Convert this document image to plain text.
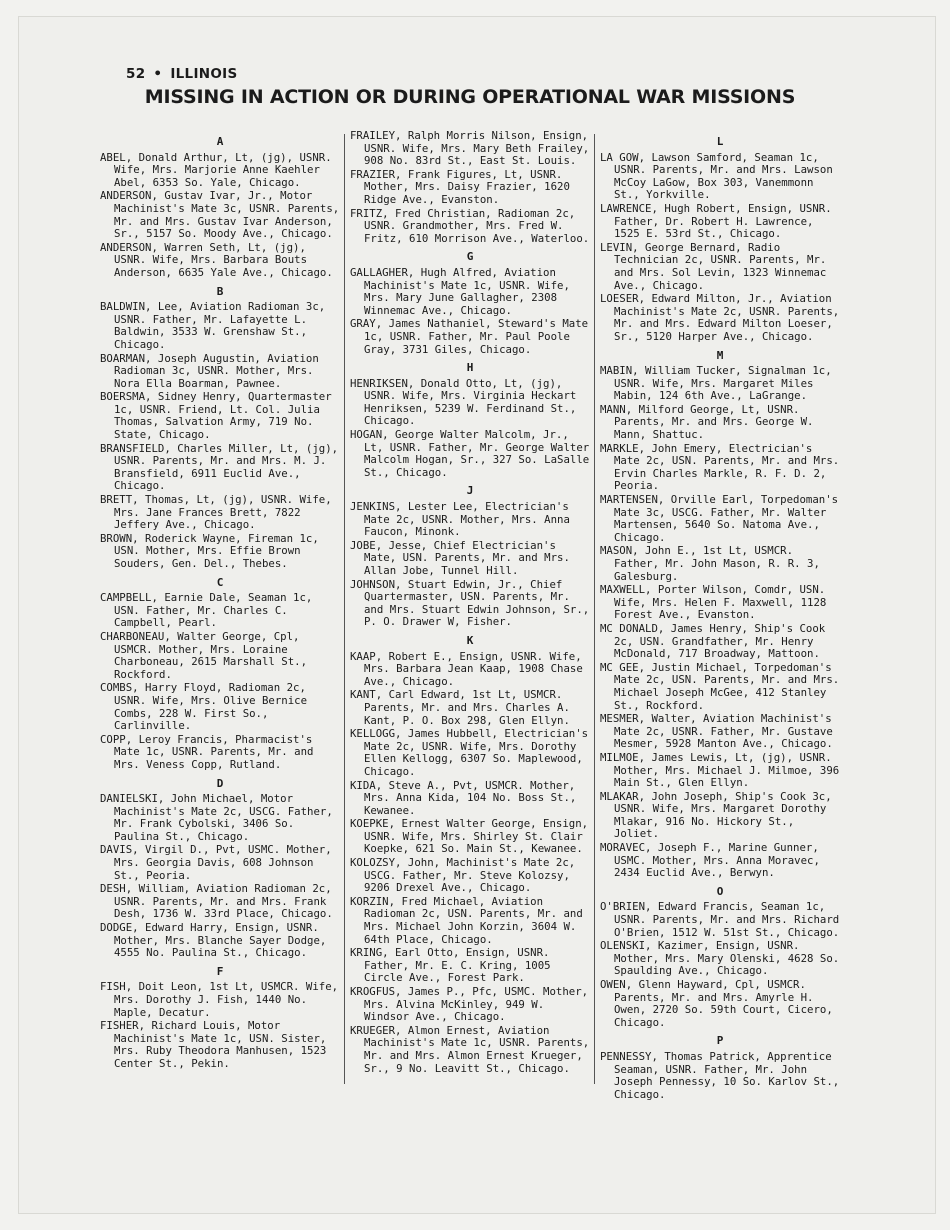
52 • ILLINOIS
MISSING IN ACTION OR DURING OPERATIONAL WAR MISSIONS
A
ABEL, Donald Arthur, Lt, (jg), USNR. Wife, Mrs. Marjorie Anne Kaehler Abel, 6353 So. Yale, Chicago.
ANDERSON, Gustav Ivar, Jr., Motor Machinist's Mate 3c, USNR. Parents, Mr. and Mrs. Gustav Ivar Anderson, Sr., 5157 So. Moody Ave., Chicago.
ANDERSON, Warren Seth, Lt, (jg), USNR. Wife, Mrs. Barbara Bouts Anderson, 6635 Yale Ave., Chicago.
B
BALDWIN, Lee, Aviation Radioman 3c, USNR. Father, Mr. Lafayette L. Baldwin, 3533 W. Grenshaw St., Chicago.
BOARMAN, Joseph Augustin, Aviation Radioman 3c, USNR. Mother, Mrs. Nora Ella Boarman, Pawnee.
BOERSMA, Sidney Henry, Quartermaster 1c, USNR. Friend, Lt. Col. Julia Thomas, Salvation Army, 719 No. State, Chicago.
BRANSFIELD, Charles Miller, Lt, (jg), USNR. Parents, Mr. and Mrs. M. J. Bransfield, 6911 Euclid Ave., Chicago.
BRETT, Thomas, Lt, (jg), USNR. Wife, Mrs. Jane Frances Brett, 7822 Jeffery Ave., Chicago.
BROWN, Roderick Wayne, Fireman 1c, USN. Mother, Mrs. Effie Brown Souders, Gen. Del., Thebes.
C
CAMPBELL, Earnie Dale, Seaman 1c, USN. Father, Mr. Charles C. Campbell, Pearl.
CHARBONEAU, Walter George, Cpl, USMCR. Mother, Mrs. Loraine Charboneau, 2615 Marshall St., Rockford.
COMBS, Harry Floyd, Radioman 2c, USNR. Wife, Mrs. Olive Bernice Combs, 228 W. First So., Carlinville.
COPP, Leroy Francis, Pharmacist's Mate 1c, USNR. Parents, Mr. and Mrs. Veness Copp, Rutland.
D
DANIELSKI, John Michael, Motor Machinist's Mate 2c, USCG. Father, Mr. Frank Cybolski, 3406 So. Paulina St., Chicago.
DAVIS, Virgil D., Pvt, USMC. Mother, Mrs. Georgia Davis, 608 Johnson St., Peoria.
DESH, William, Aviation Radioman 2c, USNR. Parents, Mr. and Mrs. Frank Desh, 1736 W. 33rd Place, Chicago.
DODGE, Edward Harry, Ensign, USNR. Mother, Mrs. Blanche Sayer Dodge, 4555 No. Paulina St., Chicago.
F
FISH, Doit Leon, 1st Lt, USMCR. Wife, Mrs. Dorothy J. Fish, 1440 No. Maple, Decatur.
FISHER, Richard Louis, Motor Machinist's Mate 1c, USN. Sister, Mrs. Ruby Theodora Manhusen, 1523 Center St., Pekin.
FRAILEY, Ralph Morris Nilson, Ensign, USNR. Wife, Mrs. Mary Beth Frailey, 908 No. 83rd St., East St. Louis.
FRAZIER, Frank Figures, Lt, USNR. Mother, Mrs. Daisy Frazier, 1620 Ridge Ave., Evanston.
FRITZ, Fred Christian, Radioman 2c, USNR. Grandmother, Mrs. Fred W. Fritz, 610 Morrison Ave., Waterloo.
G
GALLAGHER, Hugh Alfred, Aviation Machinist's Mate 1c, USNR. Wife, Mrs. Mary June Gallagher, 2308 Winnemac Ave., Chicago.
GRAY, James Nathaniel, Steward's Mate 1c, USNR. Father, Mr. Paul Poole Gray, 3731 Giles, Chicago.
H
HENRIKSEN, Donald Otto, Lt, (jg), USNR. Wife, Mrs. Virginia Heckart Henriksen, 5239 W. Ferdinand St., Chicago.
HOGAN, George Walter Malcolm, Jr., Lt, USNR. Father, Mr. George Walter Malcolm Hogan, Sr., 327 So. LaSalle St., Chicago.
J
JENKINS, Lester Lee, Electrician's Mate 2c, USNR. Mother, Mrs. Anna Faucon, Minonk.
JOBE, Jesse, Chief Electrician's Mate, USN. Parents, Mr. and Mrs. Allan Jobe, Tunnel Hill.
JOHNSON, Stuart Edwin, Jr., Chief Quartermaster, USN. Parents, Mr. and Mrs. Stuart Edwin Johnson, Sr., P. O. Drawer W, Fisher.
K
KAAP, Robert E., Ensign, USNR. Wife, Mrs. Barbara Jean Kaap, 1908 Chase Ave., Chicago.
KANT, Carl Edward, 1st Lt, USMCR. Parents, Mr. and Mrs. Charles A. Kant, P. O. Box 298, Glen Ellyn.
KELLOGG, James Hubbell, Electrician's Mate 2c, USNR. Wife, Mrs. Dorothy Ellen Kellogg, 6307 So. Maplewood, Chicago.
KIDA, Steve A., Pvt, USMCR. Mother, Mrs. Anna Kida, 104 No. Boss St., Kewanee.
KOEPKE, Ernest Walter George, Ensign, USNR. Wife, Mrs. Shirley St. Clair Koepke, 621 So. Main St., Kewanee.
KOLOZSY, John, Machinist's Mate 2c, USCG. Father, Mr. Steve Kolozsy, 9206 Drexel Ave., Chicago.
KORZIN, Fred Michael, Aviation Radioman 2c, USN. Parents, Mr. and Mrs. Michael John Korzin, 3604 W. 64th Place, Chicago.
KRING, Earl Otto, Ensign, USNR. Father, Mr. E. C. Kring, 1005 Circle Ave., Forest Park.
KROGFUS, James P., Pfc, USMC. Mother, Mrs. Alvina McKinley, 949 W. Windsor Ave., Chicago.
KRUEGER, Almon Ernest, Aviation Machinist's Mate 1c, USNR. Parents, Mr. and Mrs. Almon Ernest Krueger, Sr., 9 No. Leavitt St., Chicago.
L
LA GOW, Lawson Samford, Seaman 1c, USNR. Parents, Mr. and Mrs. Lawson McCoy LaGow, Box 303, Vanemmonn St., Yorkville.
LAWRENCE, Hugh Robert, Ensign, USNR. Father, Dr. Robert H. Lawrence, 1525 E. 53rd St., Chicago.
LEVIN, George Bernard, Radio Technician 2c, USNR. Parents, Mr. and Mrs. Sol Levin, 1323 Winnemac Ave., Chicago.
LOESER, Edward Milton, Jr., Aviation Machinist's Mate 2c, USNR. Parents, Mr. and Mrs. Edward Milton Loeser, Sr., 5120 Harper Ave., Chicago.
M
MABIN, William Tucker, Signalman 1c, USNR. Wife, Mrs. Margaret Miles Mabin, 124 6th Ave., LaGrange.
MANN, Milford George, Lt, USNR. Parents, Mr. and Mrs. George W. Mann, Shattuc.
MARKLE, John Emery, Electrician's Mate 2c, USN. Parents, Mr. and Mrs. Ervin Charles Markle, R. F. D. 2, Peoria.
MARTENSEN, Orville Earl, Torpedoman's Mate 3c, USCG. Father, Mr. Walter Martensen, 5640 So. Natoma Ave., Chicago.
MASON, John E., 1st Lt, USMCR. Father, Mr. John Mason, R. R. 3, Galesburg.
MAXWELL, Porter Wilson, Comdr, USN. Wife, Mrs. Helen F. Maxwell, 1128 Forest Ave., Evanston.
MC DONALD, James Henry, Ship's Cook 2c, USN. Grandfather, Mr. Henry McDonald, 717 Broadway, Mattoon.
MC GEE, Justin Michael, Torpedoman's Mate 2c, USN. Parents, Mr. and Mrs. Michael Joseph McGee, 412 Stanley St., Rockford.
MESMER, Walter, Aviation Machinist's Mate 2c, USNR. Father, Mr. Gustave Mesmer, 5928 Manton Ave., Chicago.
MILMOE, James Lewis, Lt, (jg), USNR. Mother, Mrs. Michael J. Milmoe, 396 Main St., Glen Ellyn.
MLAKAR, John Joseph, Ship's Cook 3c, USNR. Wife, Mrs. Margaret Dorothy Mlakar, 916 No. Hickory St., Joliet.
MORAVEC, Joseph F., Marine Gunner, USMC. Mother, Mrs. Anna Moravec, 2434 Euclid Ave., Berwyn.
O
O'BRIEN, Edward Francis, Seaman 1c, USNR. Parents, Mr. and Mrs. Richard O'Brien, 1512 W. 51st St., Chicago.
OLENSKI, Kazimer, Ensign, USNR. Mother, Mrs. Mary Olenski, 4628 So. Spaulding Ave., Chicago.
OWEN, Glenn Hayward, Cpl, USMCR. Parents, Mr. and Mrs. Amyrle H. Owen, 2720 So. 59th Court, Cicero, Chicago.
P
PENNESSY, Thomas Patrick, Apprentice Seaman, USNR. Father, Mr. John Joseph Pennessy, 10 So. Karlov St., Chicago.
